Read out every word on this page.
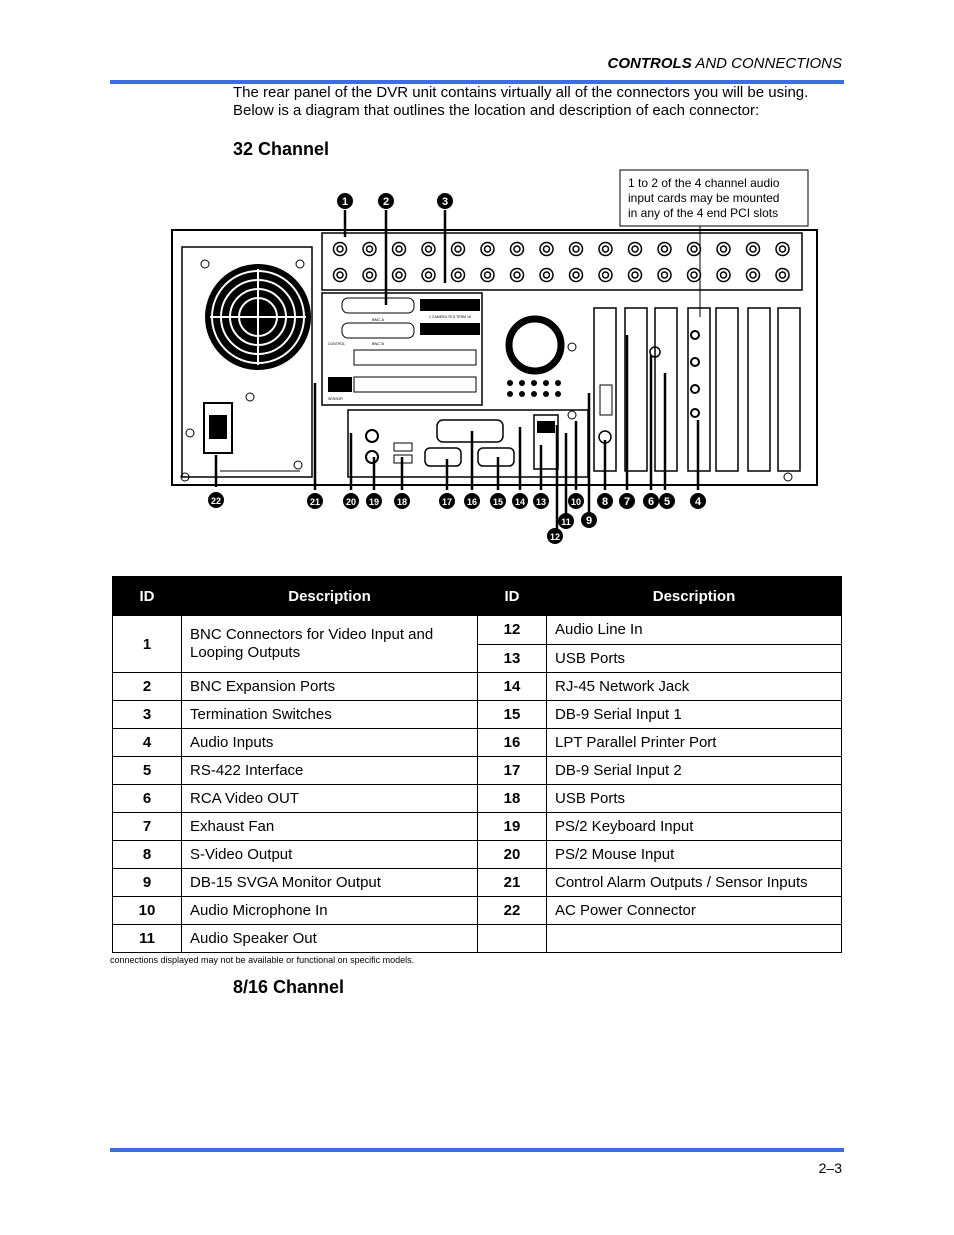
CONTROLS AND CONNECTIONS
The rear panel of the DVR unit contains virtually all of the connectors you will be using. Below is a diagram that outlines the location and description of each connector:
32 Channel
BNC A
BNC B
1 CAMERA 75 Ω TERM 16
CONTROL
SENSOR
1 to 2 of the 4 channel audio
input cards may be mounted
in any of the 4 end PCI slots
1	2	3
4
5
6
7
8
9
10
11
12
13
14
15
16
17
18
19
20
21
22
ID	Description	ID	Description
1	BNC Connectors for Video Input and Looping Outputs	12	Audio Line In
		13	USB Ports
2	BNC Expansion Ports	14	RJ-45 Network Jack
3	Termination Switches	15	DB-9 Serial Input 1
4	Audio Inputs	16	LPT Parallel Printer Port
5	RS-422 Interface	17	DB-9 Serial Input 2
6	RCA Video OUT	18	USB Ports
7	Exhaust Fan	19	PS/2 Keyboard Input
8	S-Video Output	20	PS/2 Mouse Input
9	DB-15 SVGA Monitor Output	21	Control Alarm Outputs / Sensor Inputs
10	Audio Microphone In	22	AC Power Connector
11	Audio Speaker Out		
connections displayed may not be available or functional on specific models.
8/16 Channel
2–3
